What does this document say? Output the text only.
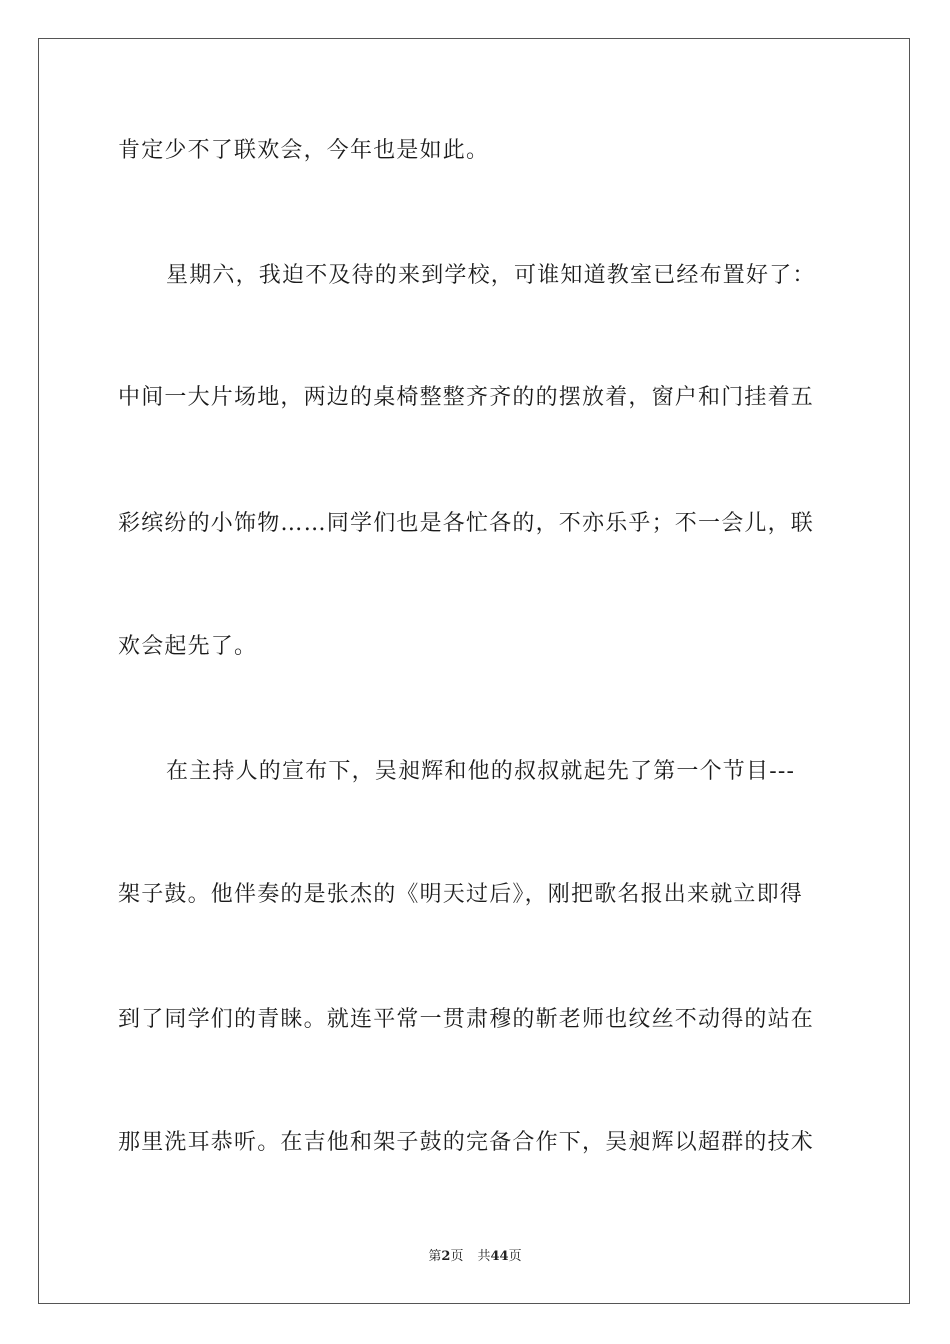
肯定少不了联欢会，今年也是如此。
星期六，我迫不及待的来到学校，可谁知道教室已经布置好了：
中间一大片场地，两边的桌椅整整齐齐的的摆放着，窗户和门挂着五
彩缤纷的小饰物……同学们也是各忙各的，不亦乐乎；不一会儿，联
欢会起先了。
在主持人的宣布下，吴昶辉和他的叔叔就起先了第一个节目---
架子鼓。他伴奏的是张杰的《明天过后》，刚把歌名报出来就立即得
到了同学们的青睐。就连平常一贯肃穆的靳老师也纹丝不动得的站在
那里洗耳恭听。在吉他和架子鼓的完备合作下，吴昶辉以超群的技术
第2页 共44页
